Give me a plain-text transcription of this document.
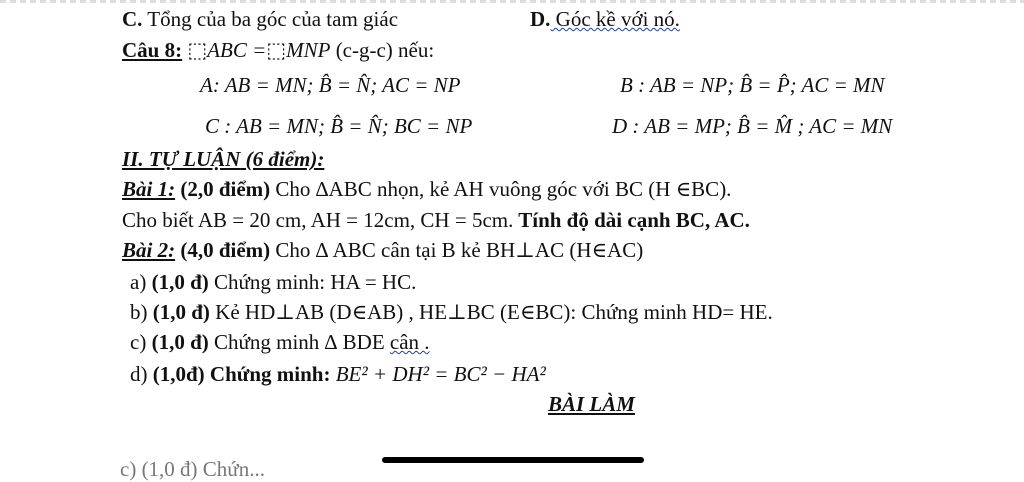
C. Tổng của ba góc của tam giác	D. Góc kề với nó.
Câu 8: ⬚ABC =⬚MNP (c-g-c) nếu:
A: AB = MN; B̂ = N̂; AC = NP	B : AB = NP; B̂ = P̂; AC = MN
C : AB = MN; B̂ = N̂; BC = NP	D : AB = MP; B̂ = M̂ ; AC = MN
II. TỰ LUẬN (6 điểm):
Bài 1: (2,0 điểm) Cho ∆ABC nhọn, kẻ AH vuông góc với BC (H ∈BC).
Cho biết AB = 20 cm, AH = 12cm, CH = 5cm. Tính độ dài cạnh BC, AC.
Bài 2: (4,0 điểm) Cho ∆ ABC cân tại B kẻ BH⊥AC (H∈AC)
a) (1,0 đ) Chứng minh: HA = HC.
b) (1,0 đ) Kẻ HD⊥AB (D∈AB) , HE⊥BC (E∈BC): Chứng minh HD= HE.
c) (1,0 đ) Chứng minh ∆ BDE cân .
d) (1,0đ) Chứng minh: BE² + DH² = BC² − HA²
BÀI LÀM
c) (1,0 đ) Chứn...
